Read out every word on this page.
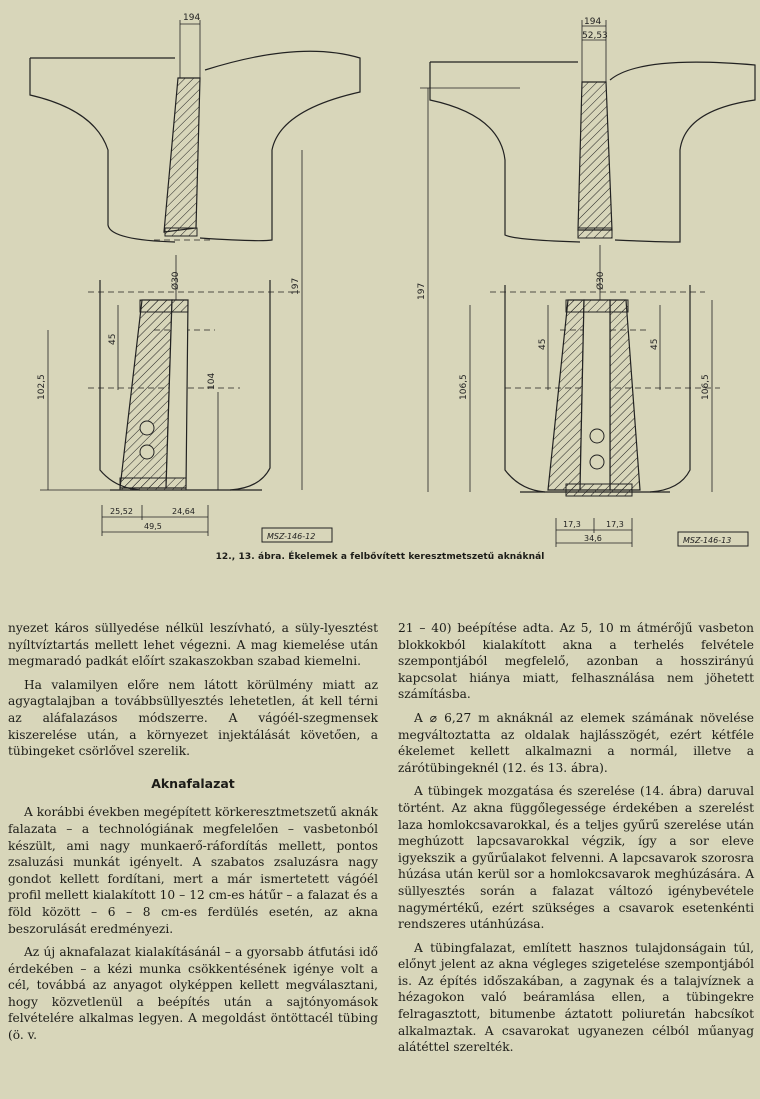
194
Ø30
45
197
104
102,5
25,52	24,64
49,5
MSZ-146-12
194
52,53
Ø30
45	45
197
106,5	106,5
17,3	17,3
34,6	MSZ-146-13
12., 13. ábra. Ékelemek a felbővített keresztmetszetű aknáknál

nyezet káros süllyedése nélkül leszívható, a süly-lyesztést nyíltvíztartás mellett lehet végezni. A mag kiemelése után megmaradó padkát előírt szakaszokban szabad kiemelni.

Ha valamilyen előre nem látott körülmény miatt az agyagtalajban a továbbsüllyesztés lehetetlen, át kell térni az aláfalazásos módszerre. A vágóél-szegmensek kiszerelése után, a környezet injektálását követően, a tübingeket csörlővel szerelik.

Aknafalazat

A korábbi években megépített körkeresztmetszetű aknák falazata – a technológiának megfelelően – vasbetonból készült, ami nagy munkaerő-ráfordítás mellett, pontos zsaluzási munkát igényelt. A szabatos zsaluzásra nagy gondot kellett fordítani, mert a már ismertetett vágóél profil mellett kialakított 10 – 12 cm-es hátűr – a falazat és a föld között – 6 – 8 cm-es ferdülés esetén, az akna beszorulását eredményezi.

Az új aknafalazat kialakításánál – a gyorsabb átfutási idő érdekében – a kézi munka csökkentésének igénye volt a cél, továbbá az anyagot olyképpen kellett megválasztani, hogy közvetlenül a beépítés után a sajtónyomások felvételére alkalmas legyen. A megoldást öntöttacél tübing (ö. v.

21 – 40) beépítése adta. Az 5, 10 m átmérőjű vasbeton blokkokból kialakított akna a terhelés felvétele szempontjából megfelelő, azonban a hosszirányú kapcsolat hiánya miatt, felhasználása nem jöhetett számításba.

A ⌀ 6,27 m aknáknál az elemek számának növelése megváltoztatta az oldalak hajlásszögét, ezért kétféle ékelemet kellett alkalmazni a normál, illetve a zárótübingeknél (12. és 13. ábra).

A tübingek mozgatása és szerelése (14. ábra) daruval történt. Az akna függőlegessége érdekében a szerelést laza homlokcsavarokkal, és a teljes gyűrű szerelése után meghúzott lapcsavarokkal végzik, így a sor eleve igyekszik a gyűrűalakot felvenni. A lapcsavarok szorosra húzása után kerül sor a homlokcsavarok meghúzására. A süllyesztés során a falazat változó igénybevétele nagymértékű, ezért szükséges a csavarok esetenkénti rendszeres utánhúzása.

A tübingfalazat, említett hasznos tulajdonságain túl, előnyt jelent az akna végleges szigetelése szempontjából is. Az építés időszakában, a zagynak és a talajvíznek a hézagokon való beáramlása ellen, a tübingekre felragasztott, bitumenbe áztatott poliuretán habcsíkot alkalmaztak. A csavarokat ugyanezen célból műanyag alátéttel szerelték.
